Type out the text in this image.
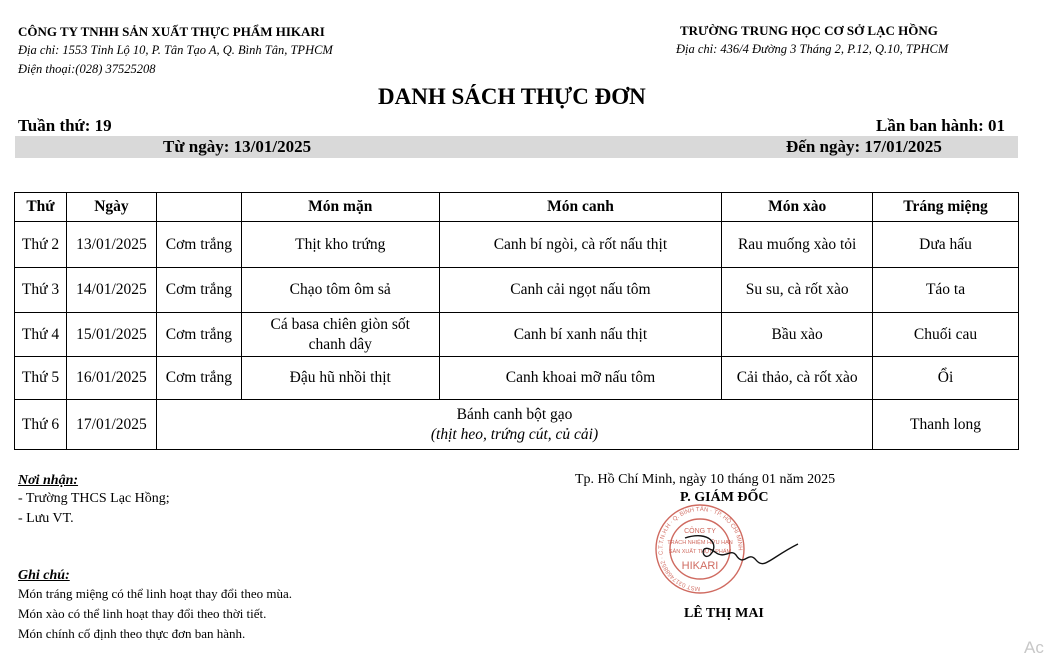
CÔNG TY TNHH SẢN XUẤT THỰC PHẨM HIKARI
Địa chỉ: 1553 Tỉnh Lộ 10, P. Tân Tạo A, Q. Bình Tân, TPHCM
Điện thoại:(028) 37525208
TRƯỜNG TRUNG HỌC CƠ SỞ LẠC HỒNG
Địa chỉ: 436/4 Đường 3 Tháng 2, P.12, Q.10, TPHCM
DANH SÁCH THỰC ĐƠN
Tuần thứ: 19	Lần ban hành: 01
Từ ngày: 13/01/2025	Đến ngày: 17/01/2025
Thứ	Ngày		Món mặn	Món canh	Món xào	Tráng miệng
Thứ 2	13/01/2025	Cơm trắng	Thịt kho trứng	Canh bí ngòi, cà rốt nấu thịt	Rau muống xào tỏi	Dưa hấu
Thứ 3	14/01/2025	Cơm trắng	Chạo tôm ôm sả	Canh cải ngọt nấu tôm	Su su, cà rốt xào	Táo ta
Thứ 4	15/01/2025	Cơm trắng	Cá basa chiên giòn sốt
chanh dây	Canh bí xanh nấu thịt	Bầu xào	Chuối cau
Thứ 5	16/01/2025	Cơm trắng	Đậu hũ nhồi thịt	Canh khoai mỡ nấu tôm	Cải thảo, cà rốt xào	Ổi
Thứ 6	17/01/2025	Bánh canh bột gạo
(thịt heo, trứng cút, củ cải)				Thanh long
Nơi nhận:
- Trường THCS Lạc Hồng;
- Lưu VT.
Ghi chú:
Món tráng miệng có thể linh hoạt thay đổi theo mùa.
Món xào có thể linh hoạt thay đổi theo thời tiết.
Món chính cố định theo thực đơn ban hành.
Tp. Hồ Chí Minh, ngày 10 tháng 01 năm 2025
P. GIÁM ĐỐC
MST 0317468852 · C.T.T.N.H.H · Q. BÌNH TÂN · TP. HỒ CHÍ MINH
CÔNG TY
TRÁCH NHIỆM HỮU HẠN
SẢN XUẤT THỰC PHẨM
HIKARI
LÊ THỊ MAI
Ac
